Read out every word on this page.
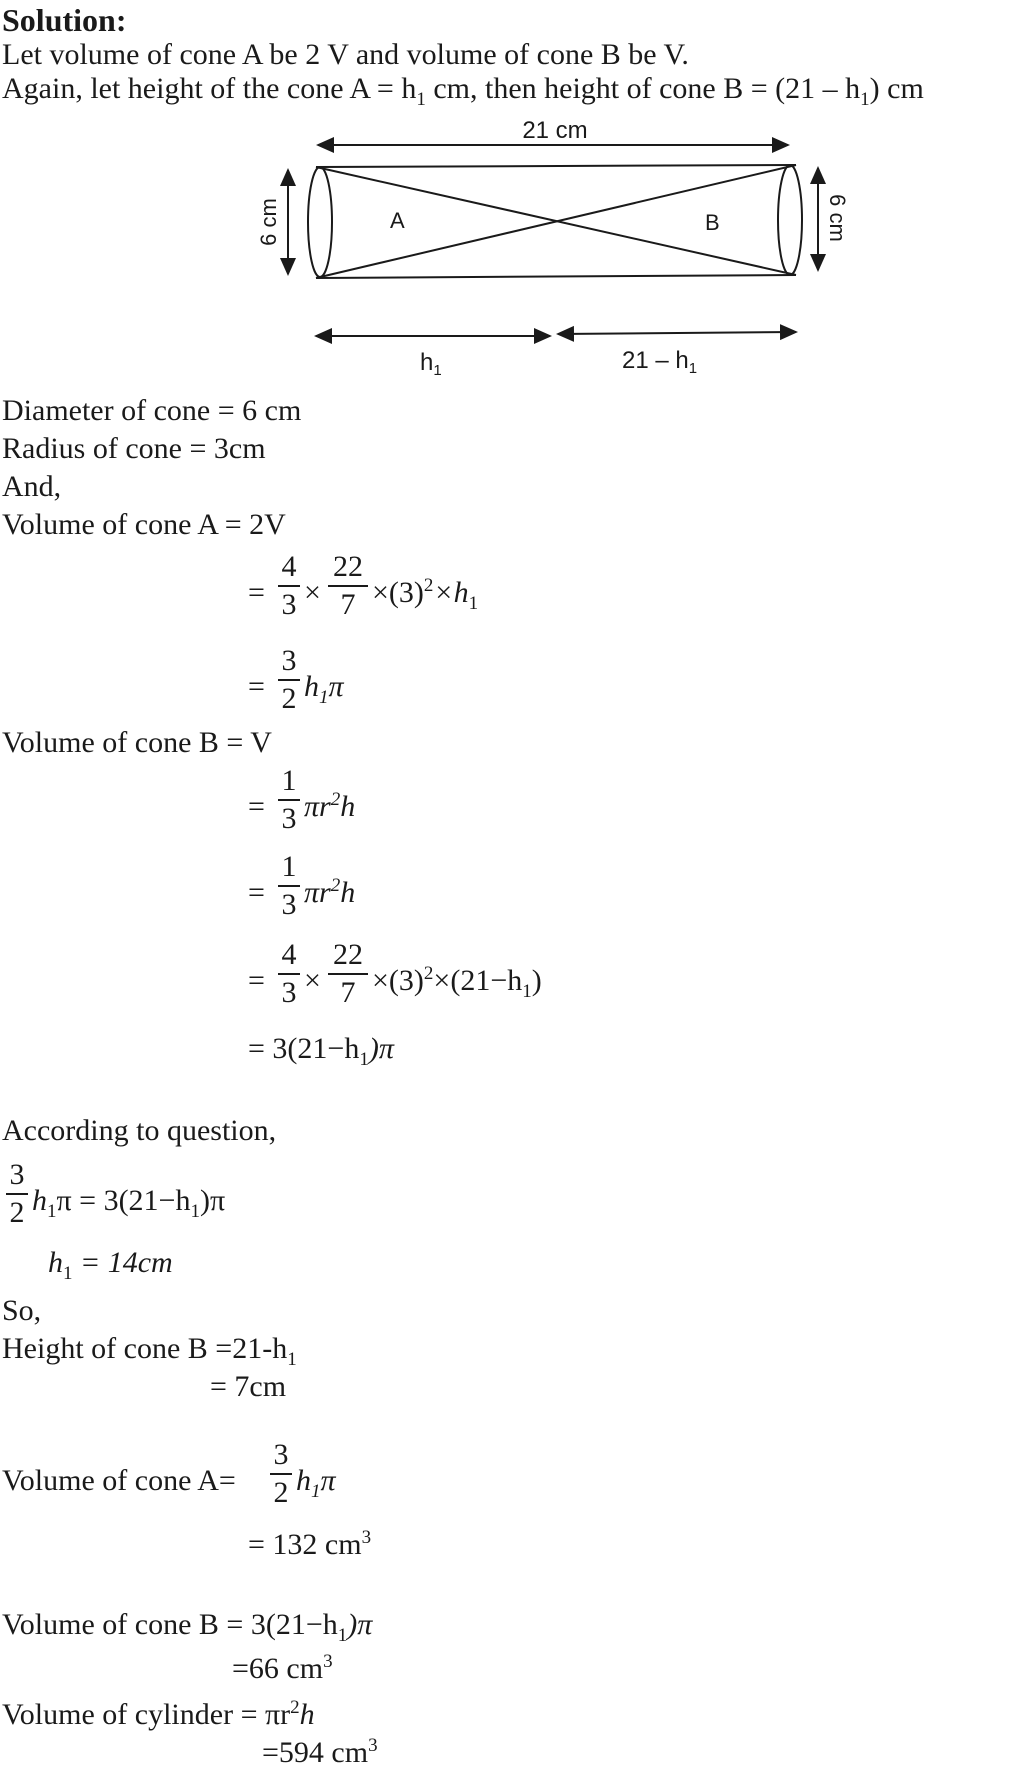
Solution:
Let volume of cone A be 2 V and volume of cone B be V.
Again, let height of the cone $A = h_1$ cm, then height of cone $B = (21 - h_1)$ cm
21 cm
A	B
6 cm	6 cm
$h_1$	$21 - h_1$
Diameter of cone = 6 cm
Radius of cone = 3cm
And,
Volume of cone A = 2V
=
4
3 ×
22
$7 \times(3)^2\times h_1$
=
3
2 $h_1\pi$
Volume of cone B = V
=
1
3 $\pi r^2h$
=
1
3 $\pi r^2h$
=
4
3 ×
22
$7 \times(3)^2\times(21-h_1)$
= $3(21-h_1)\pi$
According to question,
3
2 $h_1\pi = 3(21-h_1)\pi$
$h_1 = 14cm$
So,
Height of cone $B =21-h_1$
= 7cm
Volume of cone A=
3
2 $h_1\pi$
= 132 $cm^3$
Volume of cone $B = 3(21-h_1)\pi$
=66 $cm^3$
Volume of cylinder = $\pi r^2h$
=594 $cm^3$
